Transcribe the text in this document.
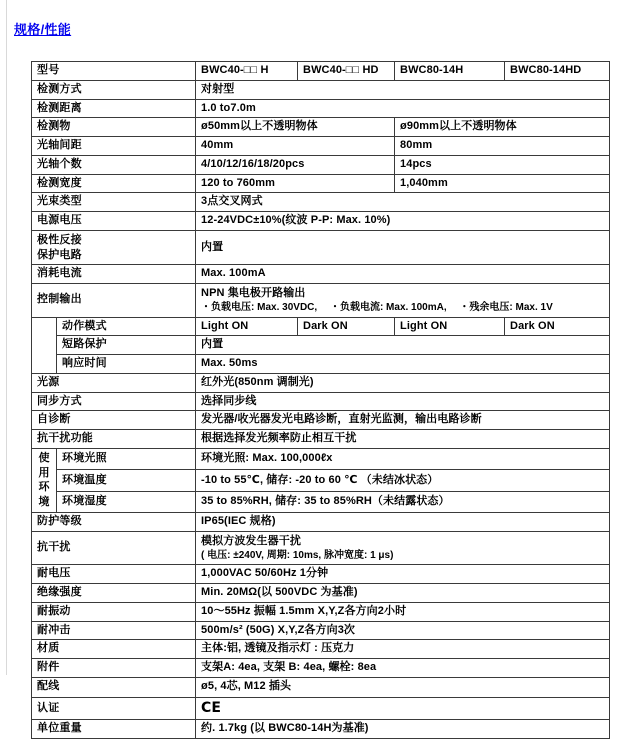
规格/性能
型号		BWC40-□□ H	BWC40-□□ HD	BWC80-14H	BWC80-14HD
检测方式		对射型			
检测距离		1.0 to7.0m			
检测物		ø50mm以上不透明物体		ø90mm以上不透明物体	
光轴间距		40mm		80mm	
光轴个数		4/10/12/16/18/20pcs		14pcs	
检测宽度		120 to 760mm		1,040mm	
光束类型		3点交叉网式			
电源电压		12-24VDC±10%(纹波 P-P: Max. 10%)			
极性反接
保护电路		内置			
消耗电流		Max. 100mA			
控制输出		NPN 集电极开路输出
・负载电压: Max. 30VDC,　 ・负载电流: Max. 100mA,　 ・残余电压: Max. 1V			

	动作模式	Light ON	Dark ON	Light ON	Dark ON
	短路保护	内置			
	响应时间	Max. 50ms			
光源		红外光(850nm 调制光)			
同步方式		选择同步线			
自诊断		发光器/收光器发光电路诊断，直射光监测，输出电路诊断			
抗干扰功能		根据选择发光频率防止相互干扰			
使用
环境	环境光照	环境光照: Max. 100,000ℓx			
	环境温度	-10 to 55℃, 储存: -20 to 60 ℃ （未结冰状态）			
	环境湿度	35 to 85%RH, 储存: 35 to 85%RH（未结露状态）			
防护等级		IP65(IEC 规格)			
抗干扰		模拟方波发生器干扰
( 电压: ±240V, 周期: 10ms, 脉冲宽度: 1 μs)			

耐电压		1,000VAC 50/60Hz 1分钟			
绝缘强度		Min. 20MΩ(以 500VDC 为基准)			
耐振动		10～55Hz 振幅 1.5mm X,Y,Z各方向2小时			
耐冲击		500m/s² (50G) X,Y,Z各方向3次			
材质		主体:铝, 透镜及指示灯 : 压克力			
附件		支架A: 4ea, 支架 B: 4ea, 螺栓: 8ea			
配线		ø5, 4芯, M12 插头			
认证		CE			
单位重量		约. 1.7kg (以 BWC80-14H为基准)			
